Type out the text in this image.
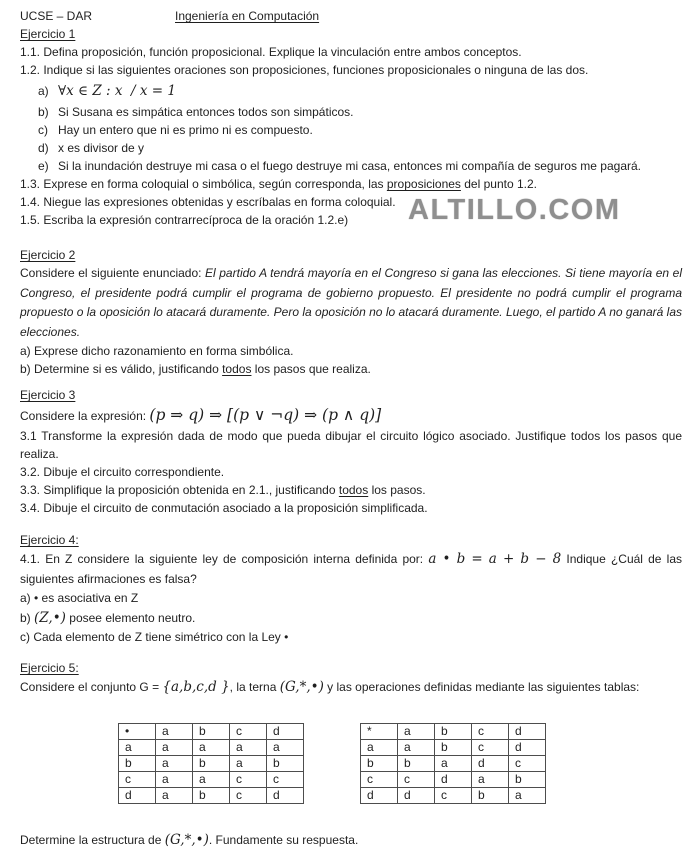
UCSE – DAR	Ingeniería en Computación
Ejercicio 1
1.1. Defina proposición, función proposicional. Explique la vinculación entre ambos conceptos.
1.2. Indique si las siguientes oraciones son proposiciones, funciones proposicionales o ninguna de las dos.
a) ∀x ∈ Z : x  / x = 1
b) Si Susana es simpática entonces todos son simpáticos.
c) Hay un entero que ni es primo ni es compuesto.
d) x es divisor de y
e) Si la inundación destruye mi casa o el fuego destruye mi casa, entonces mi compañía de seguros me pagará.
1.3. Exprese en forma coloquial o simbólica, según corresponda, las proposiciones del punto 1.2.
1.4. Niegue las expresiones obtenidas y escríbalas en forma coloquial.
1.5. Escriba la expresión contrarrecíproca de la oración 1.2.e)
Ejercicio 2
Considere el siguiente enunciado: El partido A tendrá mayoría en el Congreso si gana las elecciones. Si tiene mayoría en el Congreso, el presidente podrá cumplir el programa de gobierno propuesto. El presidente no podrá cumplir el programa propuesto o la oposición lo atacará duramente. Pero la oposición no lo atacará duramente. Luego, el partido A no ganará las elecciones.
a) Exprese dicho razonamiento en forma simbólica.
b) Determine si es válido, justificando todos los pasos que realiza.
Ejercicio 3
Considere la expresión: (p ⇒ q) ⇒ [(p ∨ ¬q) ⇒ (p ∧ q)]
3.1 Transforme la expresión dada de modo que pueda dibujar el circuito lógico asociado. Justifique todos los pasos que realiza.
3.2. Dibuje el circuito correspondiente.
3.3. Simplifique la proposición obtenida en 2.1., justificando todos los pasos.
3.4. Dibuje el circuito de conmutación asociado a la proposición simplificada.
Ejercicio 4:
4.1. En Z considere la siguiente ley de composición interna definida por: a • b = a + b − 8 Indique ¿Cuál de las siguientes afirmaciones es falsa?
a) • es asociativa en Z
b) (Z,•) posee elemento neutro.
c) Cada elemento de Z tiene simétrico con la Ley •
Ejercicio 5:
Considere el conjunto G = {a,b,c,d }, la terna (G,*,•) y las operaciones definidas mediante las siguientes tablas:
•	a	b	c	d
a	a	a	a	a
b	a	b	a	b
c	a	a	c	c
d	a	b	c	d
*	a	b	c	d
a	a	b	c	d
b	b	a	d	c
c	c	d	a	b
d	d	c	b	a
Determine la estructura de (G,*,•). Fundamente su respuesta.
ALTILLO.COM
